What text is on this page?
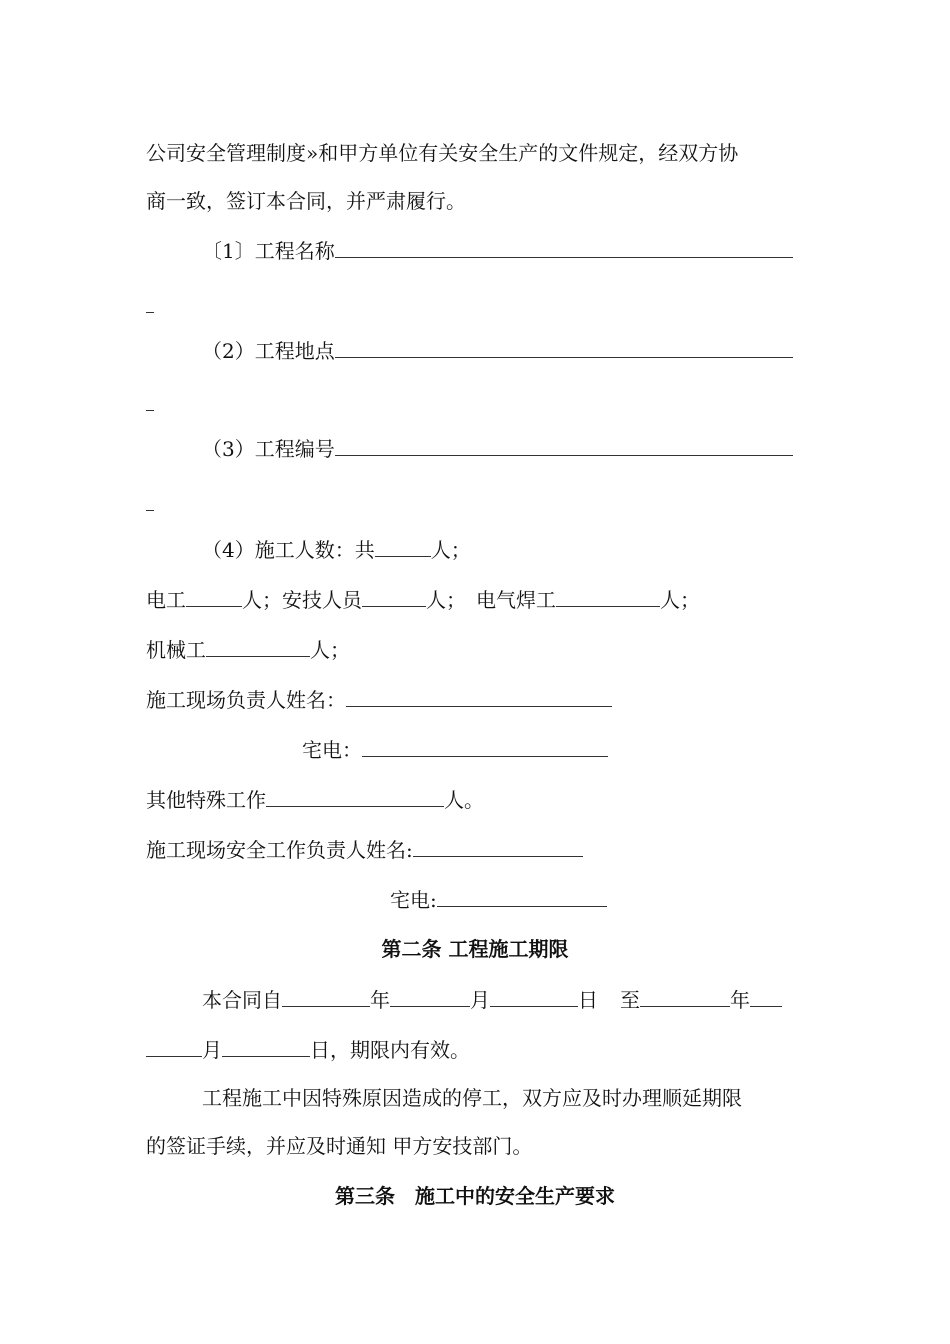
公司安全管理制度»和甲方单位有关安全生产的文件规定，经双方协
商一致，签订本合同，并严肃履行。
〔1〕工程名称
（2）工程地点
（3）工程编号
（4）施工人数：共	人；
电工	人；安技人员	人；　电气焊工	人；
机械工	人；
施工现场负责人姓名：
宅电：
其他特殊工作	人。
施工现场安全工作负责人姓名:
宅电:
第二条 工程施工期限
本合同自	年	月	日 至	年
月	日，期限内有效。
工程施工中因特殊原因造成的停工，双方应及时办理顺延期限
的签证手续，并应及时通知 甲方安技部门。
第三条　施工中的安全生产要求
